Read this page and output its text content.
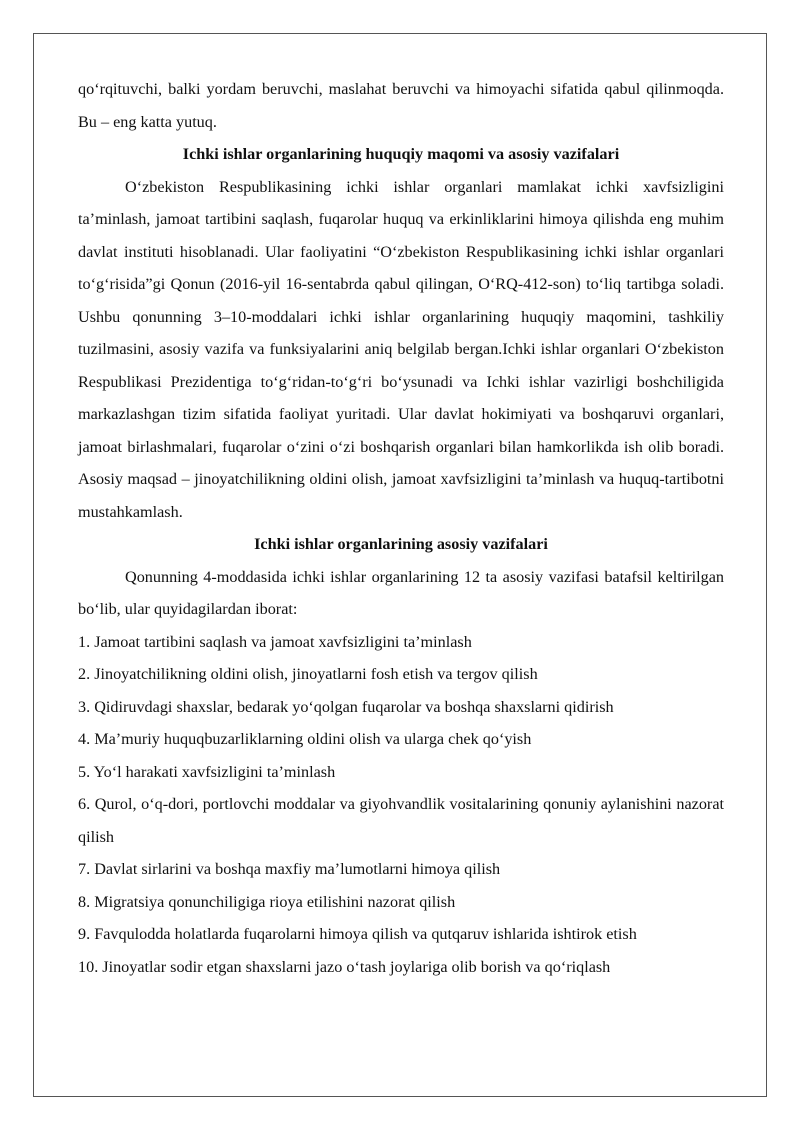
qo‘rqituvchi, balki yordam beruvchi, maslahat beruvchi va himoyachi sifatida qabul qilinmoqda. Bu – eng katta yutuq.

Ichki ishlar organlarining huquqiy maqomi va asosiy vazifalari

O‘zbekiston Respublikasining ichki ishlar organlari mamlakat ichki xavfsizligini ta’minlash, jamoat tartibini saqlash, fuqarolar huquq va erkinliklarini himoya qilishda eng muhim davlat instituti hisoblanadi. Ular faoliyatini “O‘zbekiston Respublikasining ichki ishlar organlari to‘g‘risida”gi Qonun (2016-yil 16-sentabrda qabul qilingan, O‘RQ-412-son) to‘liq tartibga soladi. Ushbu qonunning 3–10-moddalari ichki ishlar organlarining huquqiy maqomini, tashkiliy tuzilmasini, asosiy vazifa va funksiyalarini aniq belgilab bergan.Ichki ishlar organlari O‘zbekiston Respublikasi Prezidentiga to‘g‘ridan-to‘g‘ri bo‘ysunadi va Ichki ishlar vazirligi boshchiligida markazlashgan tizim sifatida faoliyat yuritadi. Ular davlat hokimiyati va boshqaruvi organlari, jamoat birlashmalari, fuqarolar o‘zini o‘zi boshqarish organlari bilan hamkorlikda ish olib boradi. Asosiy maqsad – jinoyatchilikning oldini olish, jamoat xavfsizligini ta’minlash va huquq-tartibotni mustahkamlash.

Ichki ishlar organlarining asosiy vazifalari

Qonunning 4-moddasida ichki ishlar organlarining 12 ta asosiy vazifasi batafsil keltirilgan bo‘lib, ular quyidagilardan iborat:

1. Jamoat tartibini saqlash va jamoat xavfsizligini ta’minlash

2. Jinoyatchilikning oldini olish, jinoyatlarni fosh etish va tergov qilish

3. Qidiruvdagi shaxslar, bedarak yo‘qolgan fuqarolar va boshqa shaxslarni qidirish

4. Ma’muriy huquqbuzarliklarning oldini olish va ularga chek qo‘yish

5. Yo‘l harakati xavfsizligini ta’minlash

6. Qurol, o‘q-dori, portlovchi moddalar va giyohvandlik vositalarining qonuniy aylanishini nazorat qilish

7. Davlat sirlarini va boshqa maxfiy ma’lumotlarni himoya qilish

8. Migratsiya qonunchiligiga rioya etilishini nazorat qilish

9. Favqulodda holatlarda fuqarolarni himoya qilish va qutqaruv ishlarida ishtirok etish

10. Jinoyatlar sodir etgan shaxslarni jazo o‘tash joylariga olib borish va qo‘riqlash
